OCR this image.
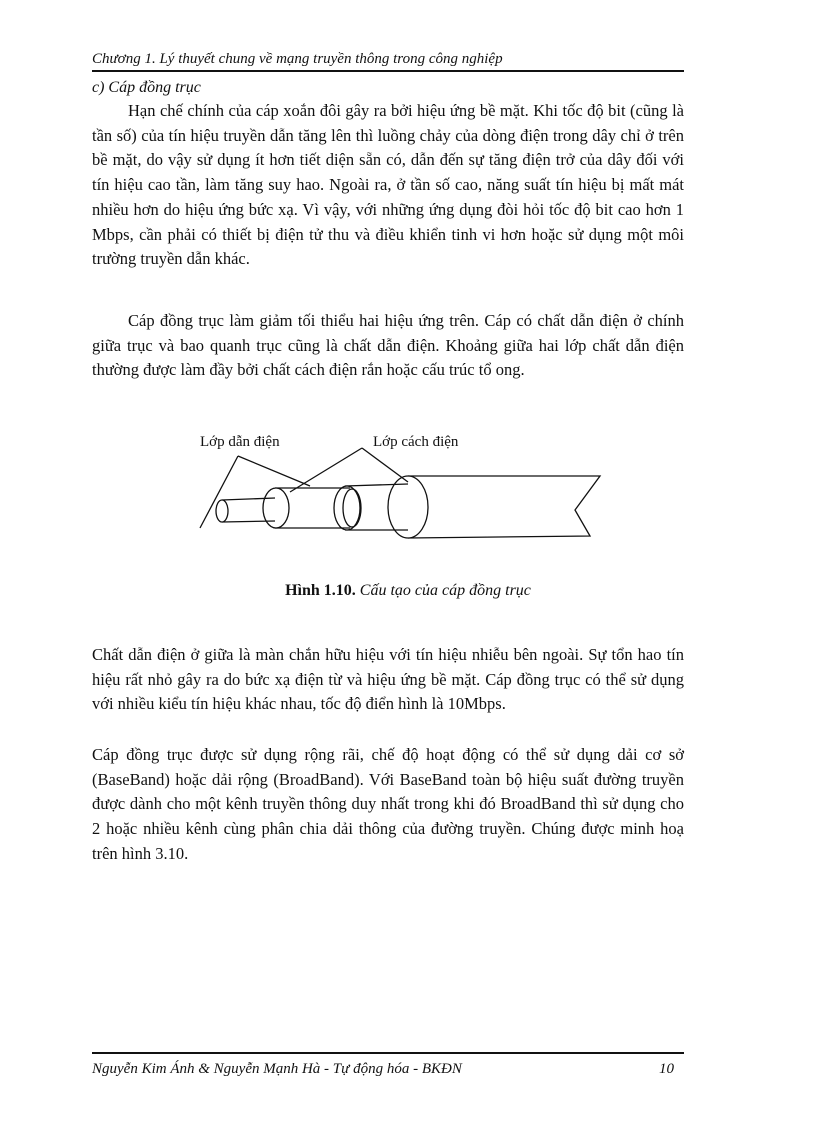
Chương 1. Lý thuyết chung về mạng truyền thông trong công nghiệp
c) Cáp đồng trục

Hạn chế chính của cáp xoắn đôi gây ra bởi hiệu ứng bề mặt. Khi tốc độ bit (cũng là tần số) của tín hiệu truyền dẫn tăng lên thì luồng chảy của dòng điện trong dây chỉ ở trên bề mặt, do vậy sử dụng ít hơn tiết diện sẵn có, dẫn đến sự tăng điện trở của dây đối với tín hiệu cao tần, làm tăng suy hao. Ngoài ra, ở tần số cao, năng suất tín hiệu bị mất mát nhiều hơn do hiệu ứng bức xạ. Vì vậy, với những ứng dụng đòi hỏi tốc độ bit cao hơn 1 Mbps, cần phải có thiết bị điện tử thu và điều khiển tinh vi hơn hoặc sử dụng một môi trường truyền dẫn khác.

Cáp đồng trục làm giảm tối thiểu hai hiệu ứng trên. Cáp có chất dẫn điện ở chính giữa trục và bao quanh trục cũng là chất dẫn điện. Khoảng giữa hai lớp chất dẫn điện thường được làm đầy bởi chất cách điện rắn hoặc cấu trúc tổ ong.

Lớp dẫn điện	Lớp cách điện
Hình 1.10. Cấu tạo của cáp đồng trục

Chất dẫn điện ở giữa là màn chắn hữu hiệu với tín hiệu nhiễu bên ngoài. Sự tổn hao tín hiệu rất nhỏ gây ra do bức xạ điện từ và hiệu ứng bề mặt. Cáp đồng trục có thể sử dụng với nhiều kiểu tín hiệu khác nhau, tốc độ điển hình là 10Mbps.

Cáp đồng trục được sử dụng rộng rãi, chế độ hoạt động có thể sử dụng dải cơ sở (BaseBand) hoặc dải rộng (BroadBand). Với BaseBand toàn bộ hiệu suất đường truyền được dành cho một kênh truyền thông duy nhất trong khi đó BroadBand thì sử dụng cho 2 hoặc nhiều kênh cùng phân chia dải thông của đường truyền. Chúng được minh hoạ trên hình 3.10.

Nguyễn Kim Ánh & Nguyễn Mạnh Hà - Tự động hóa - BKĐN	10
